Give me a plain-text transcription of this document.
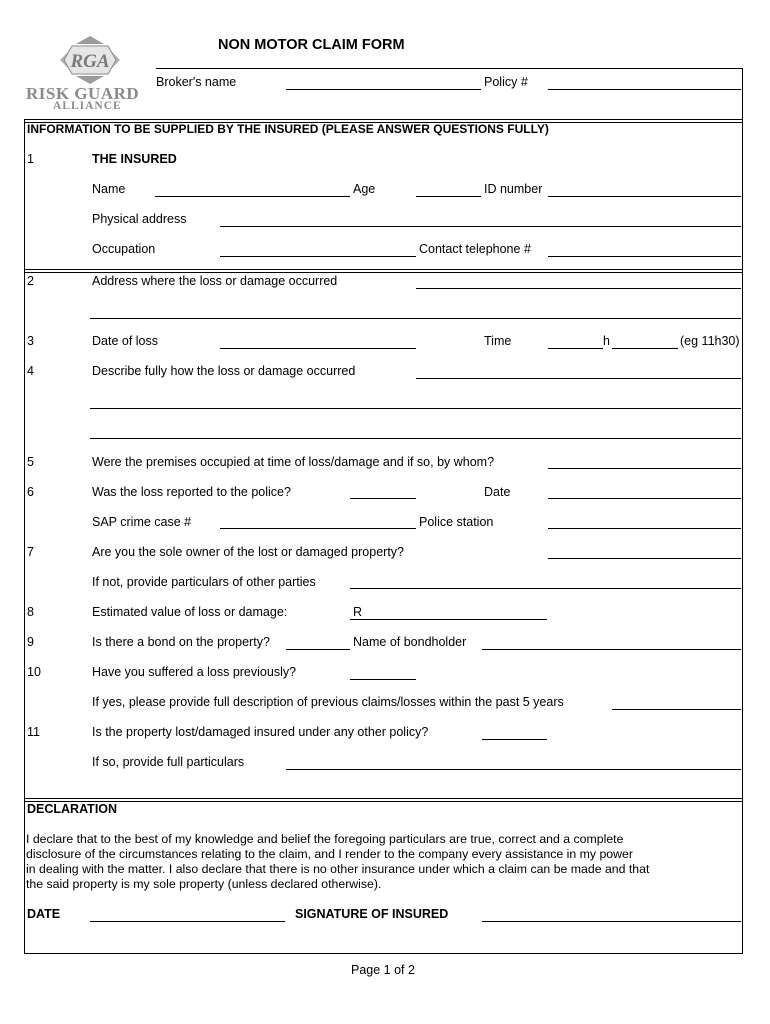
RGA
RISK GUARD
ALLIANCE
NON MOTOR CLAIM FORM
Broker's name	Policy #
INFORMATION TO BE SUPPLIED BY THE INSURED (PLEASE ANSWER QUESTIONS FULLY)
1	THE INSURED
Name	Age	ID number
Physical address
Occupation	Contact telephone #
2	Address where the loss or damage occurred
3	Date of loss	Time	h	(eg 11h30)
4	Describe fully how the loss or damage occurred
5	Were the premises occupied at time of loss/damage and if so, by whom?
6	Was the loss reported to the police?	Date
SAP crime case #	Police station
7	Are you the sole owner of the lost or damaged property?
If not, provide particulars of other parties
8	Estimated value of loss or damage:	R
9	Is there a bond on the property?	Name of bondholder
10	Have you suffered a loss previously?
If yes, please provide full description of previous claims/losses within the past 5 years
11	Is the property lost/damaged insured under any other policy?
If so, provide full particulars
DECLARATION
I declare that to the best of my knowledge and belief the foregoing particulars are true, correct and a complete
disclosure of the circumstances relating to the claim, and I render to the company every assistance in my power
in dealing with the matter. I also declare that there is no other insurance under which a claim can be made and that
the said property is my sole property (unless declared otherwise).
DATE	SIGNATURE OF INSURED
Page 1 of 2
